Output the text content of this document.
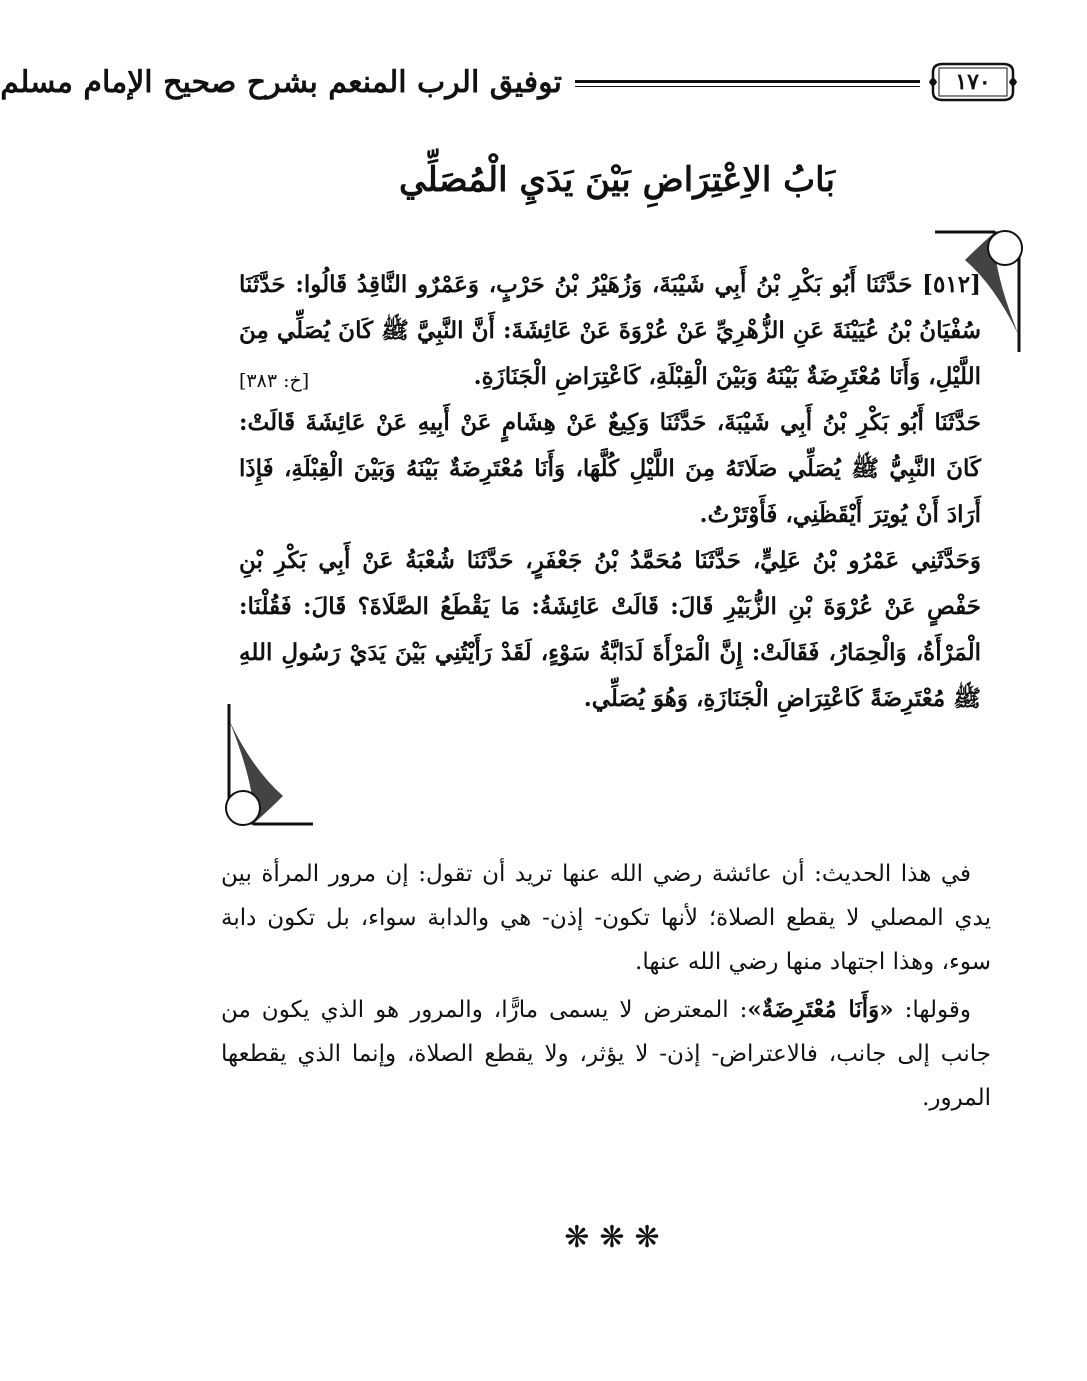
توفيق الرب المنعم بشرح صحيح الإمام مسلم	١٧٠
بَابُ الاِعْتِرَاضِ بَيْنَ يَدَيِ الْمُصَلِّي

[٥١٢] حَدَّثَنَا أَبُو بَكْرِ بْنُ أَبِي شَيْبَةَ، وَزُهَيْرُ بْنُ حَرْبٍ، وَعَمْرٌو النَّاقِدُ قَالُوا: حَدَّثَنَا سُفْيَانُ بْنُ عُيَيْنَةَ عَنِ الزُّهْرِيِّ عَنْ عُرْوَةَ عَنْ عَائِشَةَ: أَنَّ النَّبِيَّ ﷺ كَانَ يُصَلِّي مِنَ اللَّيْلِ، وَأَنَا مُعْتَرِضَةٌ بَيْنَهُ وَبَيْنَ الْقِبْلَةِ، كَاعْتِرَاضِ الْجَنَازَةِ.

[خ: ٣٨٣]

حَدَّثَنَا أَبُو بَكْرِ بْنُ أَبِي شَيْبَةَ، حَدَّثَنَا وَكِيعٌ عَنْ هِشَامٍ عَنْ أَبِيهِ عَنْ عَائِشَةَ قَالَتْ: كَانَ النَّبِيُّ ﷺ يُصَلِّي صَلَاتَهُ مِنَ اللَّيْلِ كُلَّهَا، وَأَنَا مُعْتَرِضَةٌ بَيْنَهُ وَبَيْنَ الْقِبْلَةِ، فَإِذَا أَرَادَ أَنْ يُوتِرَ أَيْقَظَنِي، فَأَوْتَرْتُ.

وَحَدَّثَنِي عَمْرُو بْنُ عَلِيٍّ، حَدَّثَنَا مُحَمَّدُ بْنُ جَعْفَرٍ، حَدَّثَنَا شُعْبَةُ عَنْ أَبِي بَكْرِ بْنِ حَفْصٍ عَنْ عُرْوَةَ بْنِ الزُّبَيْرِ قَالَ: قَالَتْ عَائِشَةُ: مَا يَقْطَعُ الصَّلَاةَ؟ قَالَ: فَقُلْنَا: الْمَرْأَةُ، وَالْحِمَارُ، فَقَالَتْ: إِنَّ الْمَرْأَةَ لَدَابَّةُ سَوْءٍ، لَقَدْ رَأَيْتُنِي بَيْنَ يَدَيْ رَسُولِ اللهِ ﷺ مُعْتَرِضَةً كَاعْتِرَاضِ الْجَنَازَةِ، وَهُوَ يُصَلِّي.

في هذا الحديث: أن عائشة رضي الله عنها تريد أن تقول: إن مرور المرأة بين يدي المصلي لا يقطع الصلاة؛ لأنها تكون- إذن- هي والدابة سواء، بل تكون دابة سوء، وهذا اجتهاد منها رضي الله عنها.

وقولها: «وَأَنَا مُعْتَرِضَةٌ»: المعترض لا يسمى مارًّا، والمرور هو الذي يكون من جانب إلى جانب، فالاعتراض- إذن- لا يؤثر، ولا يقطع الصلاة، وإنما الذي يقطعها المرور.

❋❋❋
